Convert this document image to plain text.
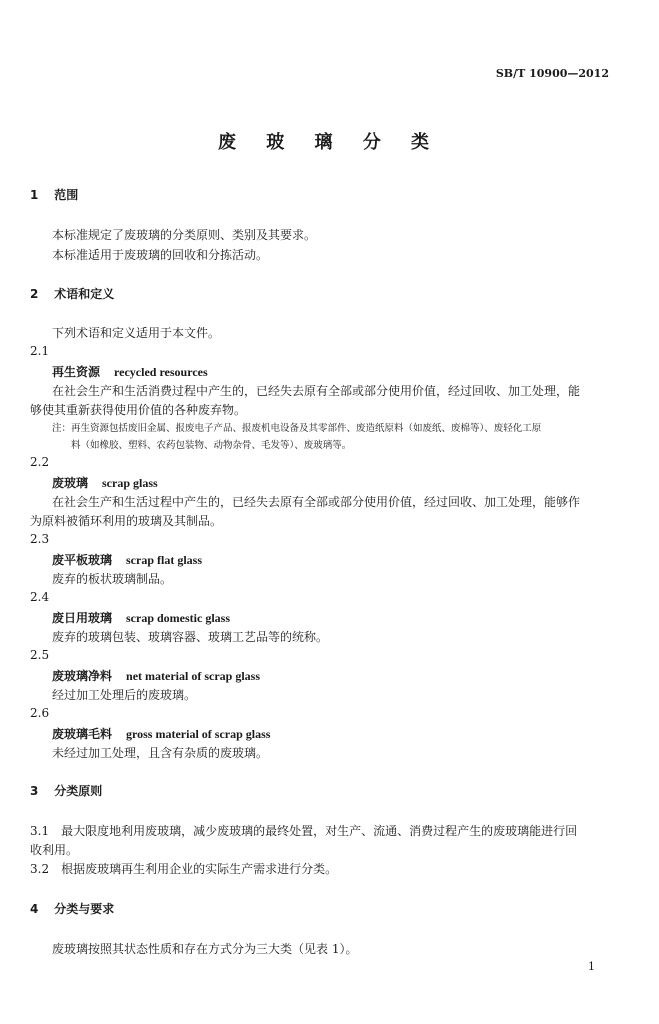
SB/T 10900—2012
废 玻 璃 分 类
1 范围
本标准规定了废玻璃的分类原则、类别及其要求。
本标准适用于废玻璃的回收和分拣活动。
2 术语和定义
下列术语和定义适用于本文件。
2.1
再生资源 recycled resources
在社会生产和生活消费过程中产生的，已经失去原有全部或部分使用价值，经过回收、加工处理，能
够使其重新获得使用价值的各种废弃物。
注：再生资源包括废旧金属、报废电子产品、报废机电设备及其零部件、废造纸原料（如废纸、废棉等）、废轻化工原
料（如橡胶、塑料、农药包装物、动物杂骨、毛发等）、废玻璃等。
2.2
废玻璃 scrap glass
在社会生产和生活过程中产生的，已经失去原有全部或部分使用价值，经过回收、加工处理，能够作
为原料被循环利用的玻璃及其制品。
2.3
废平板玻璃 scrap flat glass
废弃的板状玻璃制品。
2.4
废日用玻璃 scrap domestic glass
废弃的玻璃包装、玻璃容器、玻璃工艺品等的统称。
2.5
废玻璃净料 net material of scrap glass
经过加工处理后的废玻璃。
2.6
废玻璃毛料 gross material of scrap glass
未经过加工处理，且含有杂质的废玻璃。
3 分类原则
3.1　最大限度地利用废玻璃，减少废玻璃的最终处置，对生产、流通、消费过程产生的废玻璃能进行回
收利用。
3.2　根据废玻璃再生利用企业的实际生产需求进行分类。
4 分类与要求
废玻璃按照其状态性质和存在方式分为三大类（见表 1）。
1
